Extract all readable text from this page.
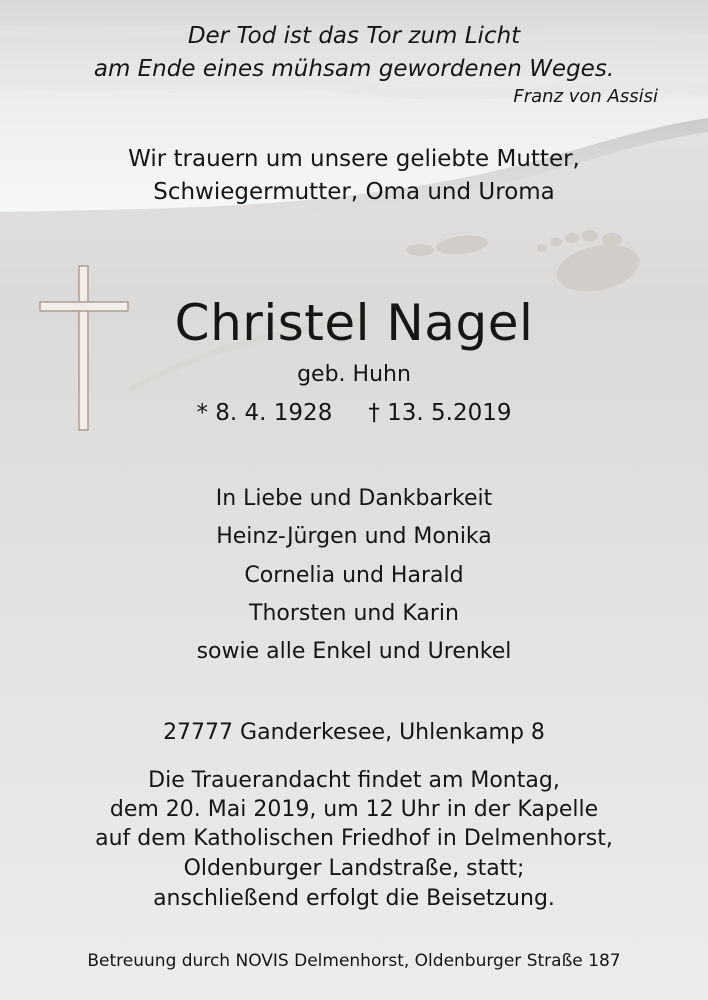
Der Tod ist das Tor zum Licht
am Ende eines mühsam gewordenen Weges.
Franz von Assisi
Wir trauern um unsere geliebte Mutter,
Schwiegermutter, Oma und Uroma
Christel Nagel
geb. Huhn
* 8. 4. 1928 † 13. 5.2019
In Liebe und Dankbarkeit
Heinz-Jürgen und Monika
Cornelia und Harald
Thorsten und Karin
sowie alle Enkel und Urenkel
27777 Ganderkesee, Uhlenkamp 8
Die Trauerandacht findet am Montag,
dem 20. Mai 2019, um 12 Uhr in der Kapelle
auf dem Katholischen Friedhof in Delmenhorst,
Oldenburger Landstraße, statt;
anschließend erfolgt die Beisetzung.
Betreuung durch NOVIS Delmenhorst, Oldenburger Straße 187
